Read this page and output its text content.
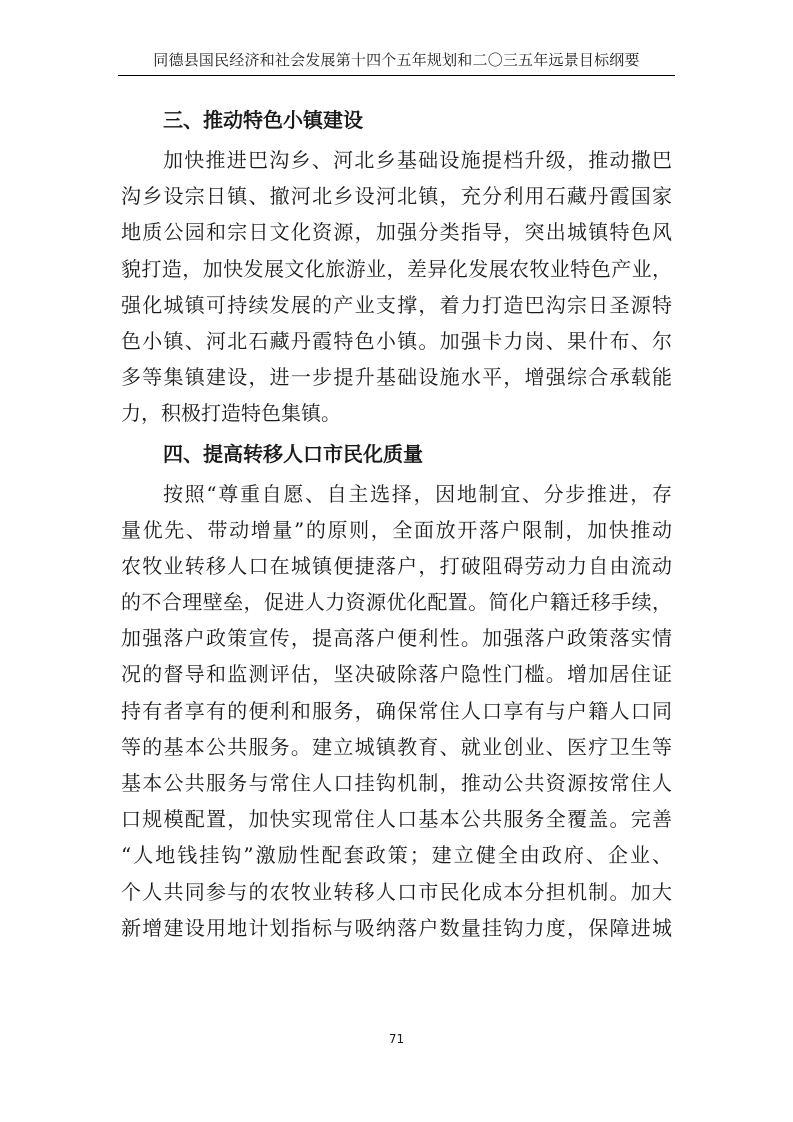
同德县国民经济和社会发展第十四个五年规划和二〇三五年远景目标纲要
三、推动特色小镇建设

加快推进巴沟乡、河北乡基础设施提档升级，推动撒巴
沟乡设宗日镇、撤河北乡设河北镇，充分利用石藏丹霞国家
地质公园和宗日文化资源，加强分类指导，突出城镇特色风
貌打造，加快发展文化旅游业，差异化发展农牧业特色产业，
强化城镇可持续发展的产业支撑，着力打造巴沟宗日圣源特
色小镇、河北石藏丹霞特色小镇。加强卡力岗、果什布、尔
多等集镇建设，进一步提升基础设施水平，增强综合承载能
力，积极打造特色集镇。

四、提高转移人口市民化质量

按照“尊重自愿、自主选择，因地制宜、分步推进，存
量优先、带动增量”的原则，全面放开落户限制，加快推动
农牧业转移人口在城镇便捷落户，打破阻碍劳动力自由流动
的不合理壁垒，促进人力资源优化配置。简化户籍迁移手续，
加强落户政策宣传，提高落户便利性。加强落户政策落实情
况的督导和监测评估，坚决破除落户隐性门槛。增加居住证
持有者享有的便利和服务，确保常住人口享有与户籍人口同
等的基本公共服务。建立城镇教育、就业创业、医疗卫生等
基本公共服务与常住人口挂钩机制，推动公共资源按常住人
口规模配置，加快实现常住人口基本公共服务全覆盖。完善
“人地钱挂钩”激励性配套政策；建立健全由政府、企业、
个人共同参与的农牧业转移人口市民化成本分担机制。加大
新增建设用地计划指标与吸纳落户数量挂钩力度，保障进城

71
